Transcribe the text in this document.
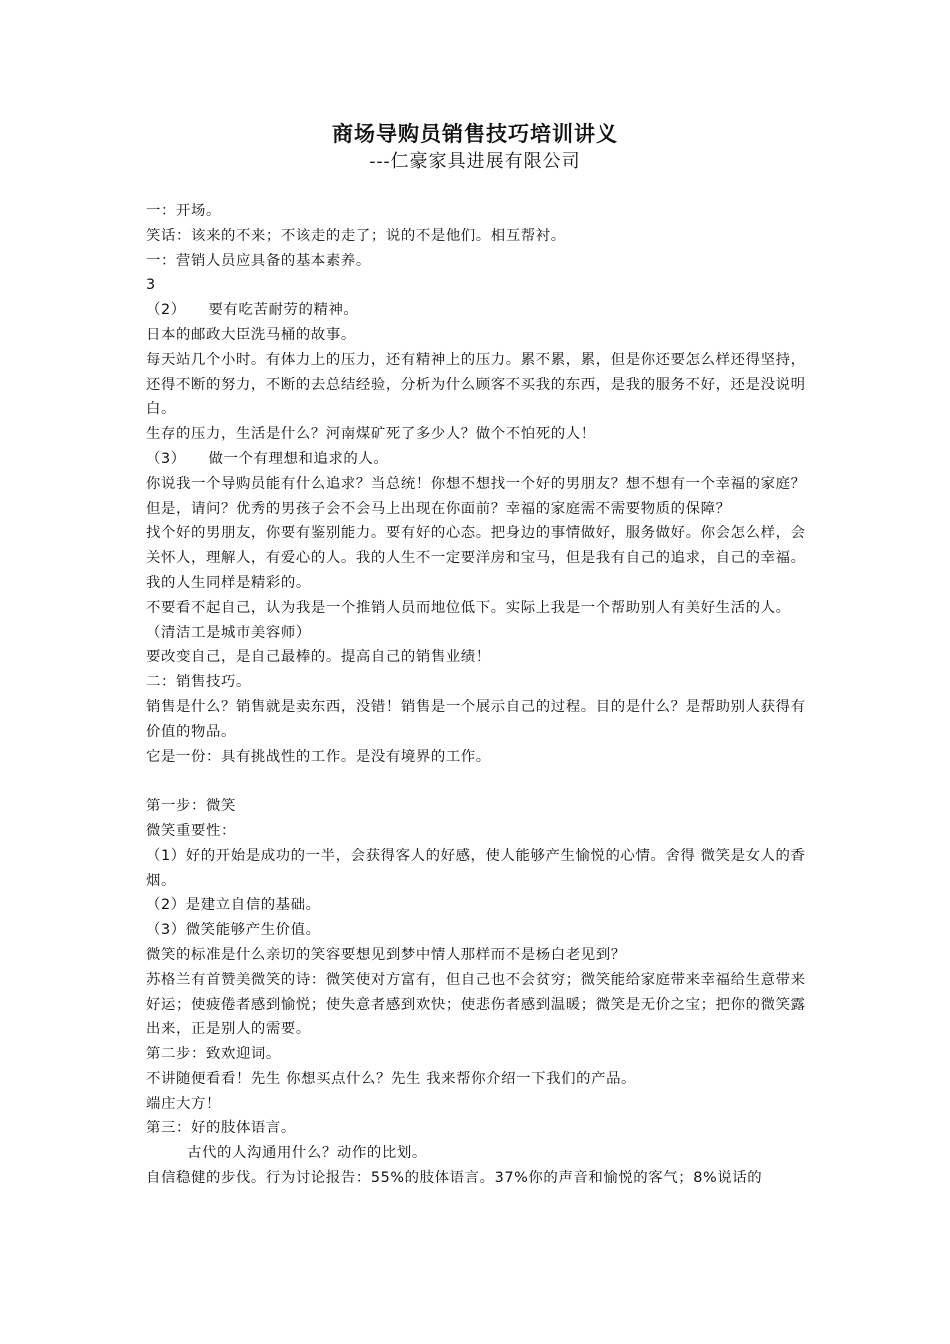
商场导购员销售技巧培训讲义
---仁豪家具进展有限公司

一：开场。

笑话：该来的不来；不该走的走了；说的不是他们。相互帮衬。

一：营销人员应具备的基本素养。

3

（2）　　要有吃苦耐劳的精神。

日本的邮政大臣洗马桶的故事。

每天站几个小时。有体力上的压力，还有精神上的压力。累不累，累，但是你还要怎么样还得坚持，还得不断的努力，不断的去总结经验，分析为什么顾客不买我的东西，是我的服务不好，还是没说明白。

生存的压力，生活是什么？河南煤矿死了多少人？做个不怕死的人！

（3）　　做一个有理想和追求的人。

你说我一个导购员能有什么追求？当总统！你想不想找一个好的男朋友？想不想有一个幸福的家庭？但是，请问？优秀的男孩子会不会马上出现在你面前？幸福的家庭需不需要物质的保障？

找个好的男朋友，你要有鉴别能力。要有好的心态。把身边的事情做好，服务做好。你会怎么样，会关怀人，理解人，有爱心的人。我的人生不一定要洋房和宝马，但是我有自己的追求，自己的幸福。我的人生同样是精彩的。

不要看不起自己，认为我是一个推销人员而地位低下。实际上我是一个帮助别人有美好生活的人。（清洁工是城市美容师）

要改变自己，是自己最棒的。提高自己的销售业绩！

二：销售技巧。

销售是什么？销售就是卖东西，没错！销售是一个展示自己的过程。目的是什么？是帮助别人获得有价值的物品。

它是一份：具有挑战性的工作。是没有境界的工作。

第一步：微笑

微笑重要性：

（1）好的开始是成功的一半，会获得客人的好感，使人能够产生愉悦的心情。舍得 微笑是女人的香烟。

（2）是建立自信的基础。

（3）微笑能够产生价值。

微笑的标准是什么亲切的笑容要想见到梦中情人那样而不是杨白老见到？

苏格兰有首赞美微笑的诗：微笑使对方富有，但自己也不会贫穷；微笑能给家庭带来幸福给生意带来好运；使疲倦者感到愉悦；使失意者感到欢快；使悲伤者感到温暖；微笑是无价之宝；把你的微笑露出来，正是别人的需要。

第二步：致欢迎词。

不讲随便看看！先生 你想买点什么？先生 我来帮你介绍一下我们的产品。

端庄大方！

第三：好的肢体语言。

古代的人沟通用什么？动作的比划。

自信稳健的步伐。行为讨论报告：55%的肢体语言。37%你的声音和愉悦的客气；8%说话的
